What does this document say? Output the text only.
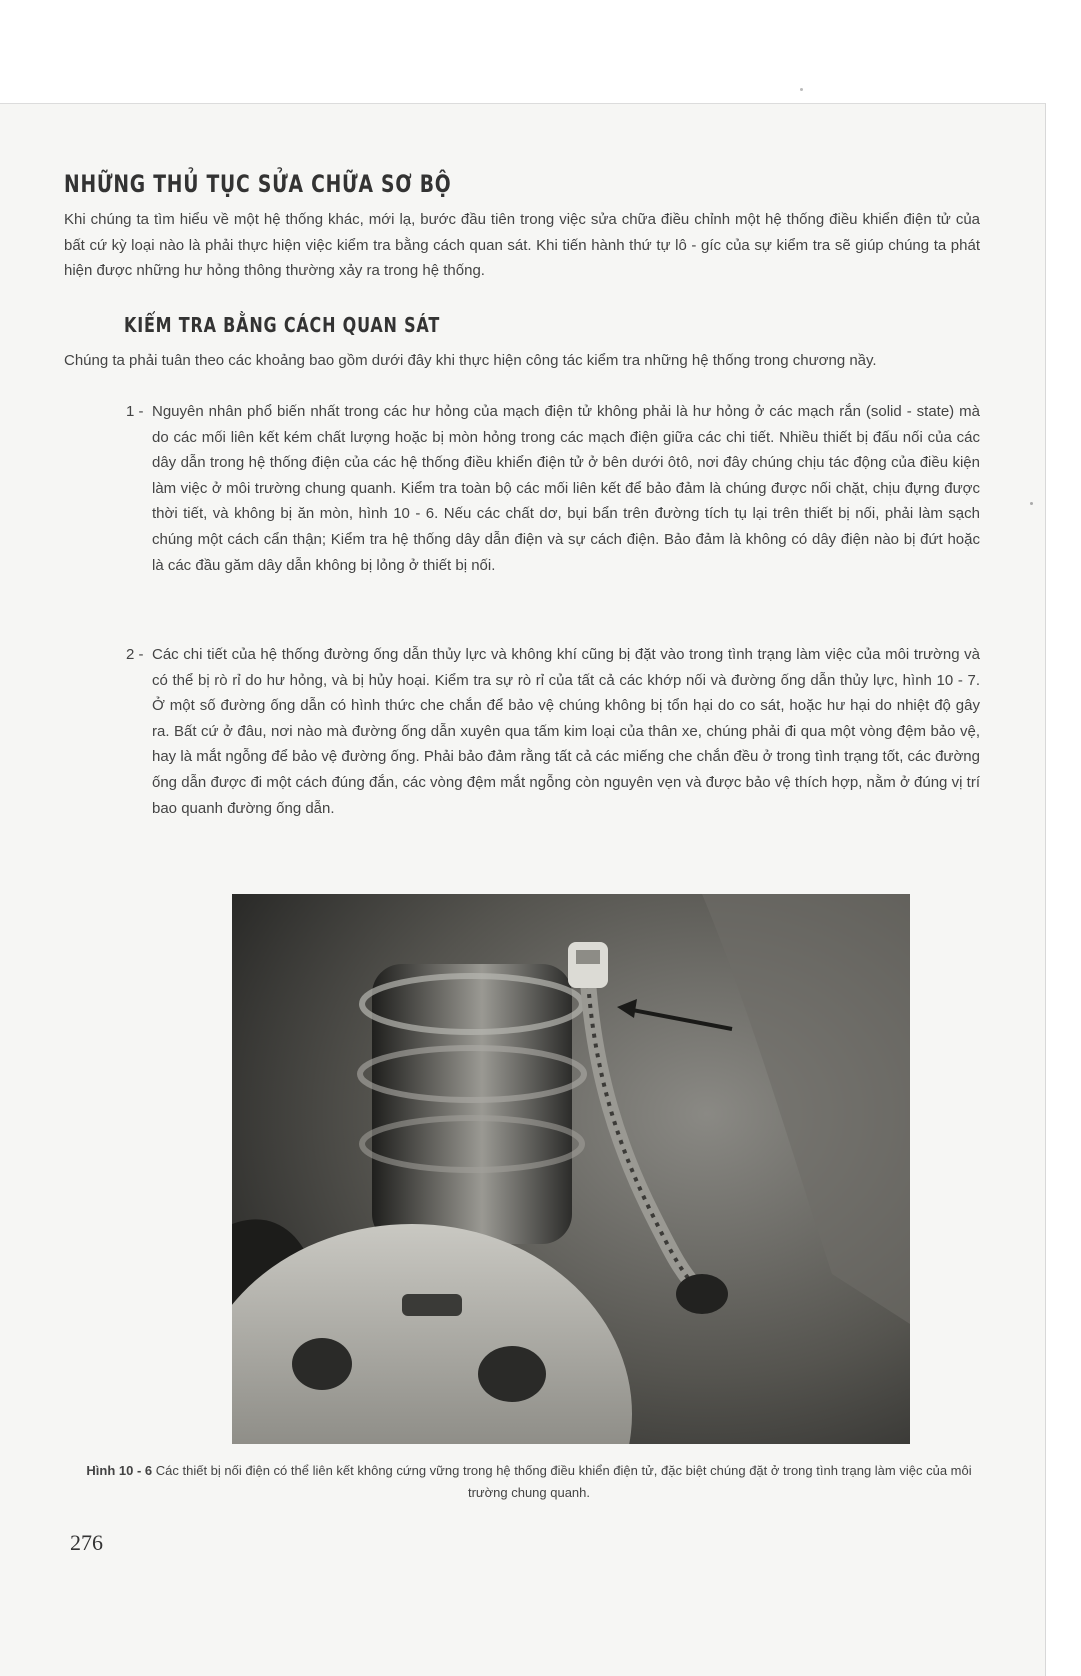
NHỮNG THỦ TỤC SỬA CHỮA SƠ BỘ
Khi chúng ta tìm hiểu về một hệ thống khác, mới lạ, bước đầu tiên trong việc sửa chữa điều chỉnh một hệ thống điều khiển điện tử của bất cứ kỳ loại nào là phải thực hiện việc kiểm tra bằng cách quan sát. Khi tiến hành thứ tự lô - gíc của sự kiểm tra sẽ giúp chúng ta phát hiện được những hư hỏng thông thường xảy ra trong hệ thống.
KIỂM TRA BẰNG CÁCH QUAN SÁT
Chúng ta phải tuân theo các khoảng bao gồm dưới đây khi thực hiện công tác kiểm tra những hệ thống trong chương nầy.
1 - Nguyên nhân phổ biến nhất trong các hư hỏng của mạch điện tử không phải là hư hỏng ở các mạch rắn (solid - state) mà do các mối liên kết kém chất lượng hoặc bị mòn hỏng trong các mạch điện giữa các chi tiết. Nhiều thiết bị đấu nối của các dây dẫn trong hệ thống điện của các hệ thống điều khiển điện tử ở bên dưới ôtô, nơi đây chúng chịu tác động của điều kiện làm việc ở môi trường chung quanh. Kiểm tra toàn bộ các mối liên kết để bảo đảm là chúng được nối chặt, chịu đựng được thời tiết, và không bị ăn mòn, hình 10 - 6. Nếu các chất dơ, bụi bẩn trên đường tích tụ lại trên thiết bị nối, phải làm sạch chúng một cách cẩn thận; Kiểm tra hệ thống dây dẫn điện và sự cách điện. Bảo đảm là không có dây điện nào bị đứt hoặc là các đầu găm dây dẫn không bị lỏng ở thiết bị nối.
2 - Các chi tiết của hệ thống đường ống dẫn thủy lực và không khí cũng bị đặt vào trong tình trạng làm việc của môi trường và có thể bị rò rỉ do hư hỏng, và bị hủy hoại. Kiểm tra sự rò rỉ của tất cả các khớp nối và đường ống dẫn thủy lực, hình 10 - 7. Ở một số đường ống dẫn có hình thức che chắn để bảo vệ chúng không bị tổn hại do co sát, hoặc hư hại do nhiệt độ gây ra. Bất cứ ở đâu, nơi nào mà đường ống dẫn xuyên qua tấm kim loại của thân xe, chúng phải đi qua một vòng đệm bảo vệ, hay là mắt ngỗng để bảo vệ đường ống. Phải bảo đảm rằng tất cả các miếng che chắn đều ở trong tình trạng tốt, các đường ống dẫn được đi một cách đúng đắn, các vòng đệm mắt ngỗng còn nguyên vẹn và được bảo vệ thích hợp, nằm ở đúng vị trí bao quanh đường ống dẫn.
Hình 10 - 6 Các thiết bị nối điện có thể liên kết không cứng vững trong hệ thống điều khiển điện tử, đặc biệt chúng đặt ở trong tình trạng làm việc của môi trường chung quanh.
276
